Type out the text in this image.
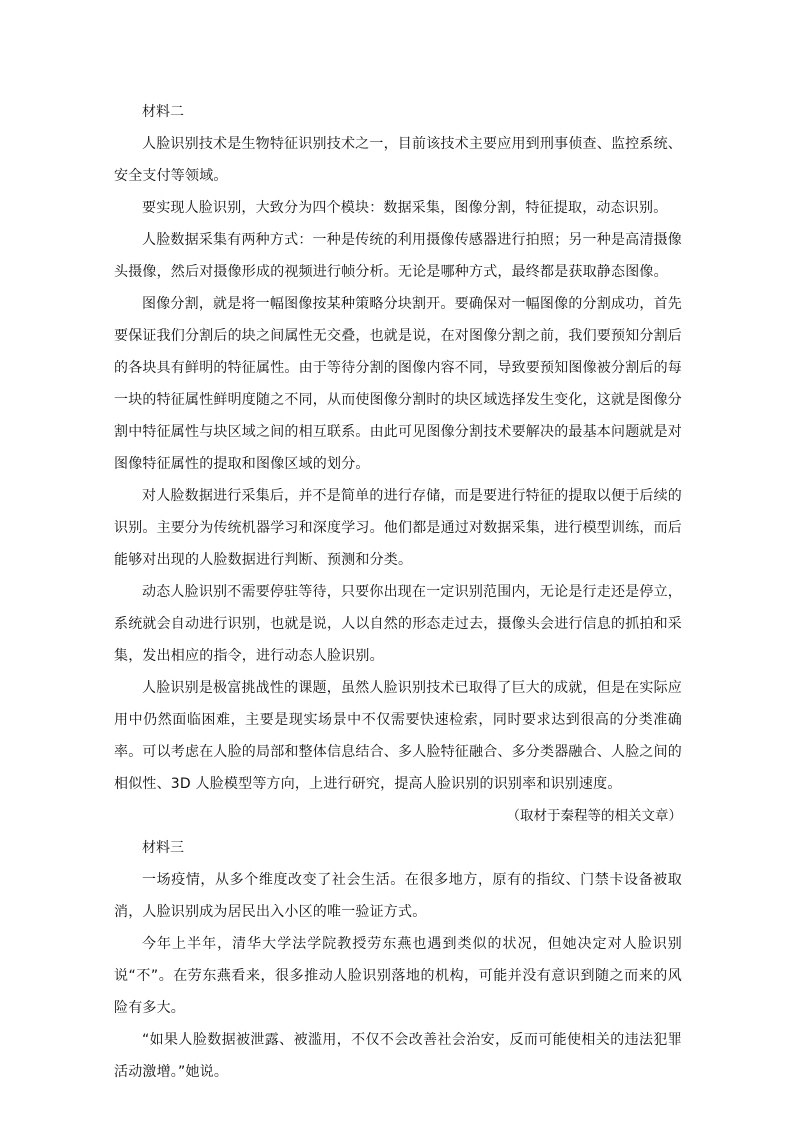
材料二

人脸识别技术是生物特征识别技术之一，目前该技术主要应用到刑事侦查、监控系统、安全支付等领域。

要实现人脸识别，大致分为四个模块：数据采集，图像分割，特征提取，动态识别。

人脸数据采集有两种方式：一种是传统的利用摄像传感器进行拍照；另一种是高清摄像头摄像，然后对摄像形成的视频进行帧分析。无论是哪种方式，最终都是获取静态图像。

图像分割，就是将一幅图像按某种策略分块割开。要确保对一幅图像的分割成功，首先要保证我们分割后的块之间属性无交叠，也就是说，在对图像分割之前，我们要预知分割后的各块具有鲜明的特征属性。由于等待分割的图像内容不同，导致要预知图像被分割后的每一块的特征属性鲜明度随之不同，从而使图像分割时的块区域选择发生变化，这就是图像分割中特征属性与块区域之间的相互联系。由此可见图像分割技术要解决的最基本问题就是对图像特征属性的提取和图像区域的划分。

对人脸数据进行采集后，并不是简单的进行存储，而是要进行特征的提取以便于后续的识别。主要分为传统机器学习和深度学习。他们都是通过对数据采集，进行模型训练，而后能够对出现的人脸数据进行判断、预测和分类。

动态人脸识别不需要停驻等待，只要你出现在一定识别范围内，无论是行走还是停立，系统就会自动进行识别，也就是说，人以自然的形态走过去，摄像头会进行信息的抓拍和采集，发出相应的指令，进行动态人脸识别。

人脸识别是极富挑战性的课题，虽然人脸识别技术已取得了巨大的成就，但是在实际应用中仍然面临困难，主要是现实场景中不仅需要快速检索，同时要求达到很高的分类准确率。可以考虑在人脸的局部和整体信息结合、多人脸特征融合、多分类器融合、人脸之间的相似性、3D 人脸模型等方向，上进行研究，提高人脸识别的识别率和识别速度。

（取材于秦程等的相关文章）

材料三

一场疫情，从多个维度改变了社会生活。在很多地方，原有的指纹、门禁卡设备被取消，人脸识别成为居民出入小区的唯一验证方式。

今年上半年，清华大学法学院教授劳东燕也遇到类似的状况，但她决定对人脸识别说“不”。在劳东燕看来，很多推动人脸识别落地的机构，可能并没有意识到随之而来的风险有多大。

“如果人脸数据被泄露、被滥用，不仅不会改善社会治安，反而可能使相关的违法犯罪活动激增。”她说。
